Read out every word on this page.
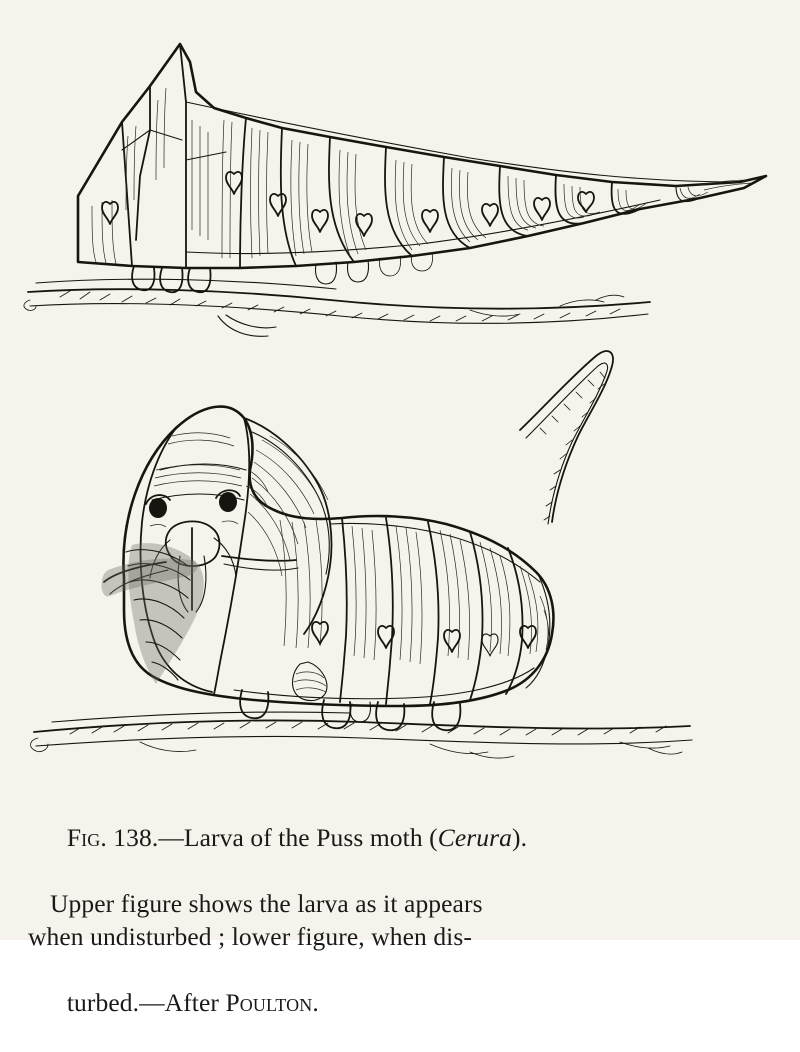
Fig. 138.—Larva of the Puss moth (Cerura).

Upper figure shows the larva as it appears
when undisturbed ; lower figure, when dis-

turbed.—After Poulton.
